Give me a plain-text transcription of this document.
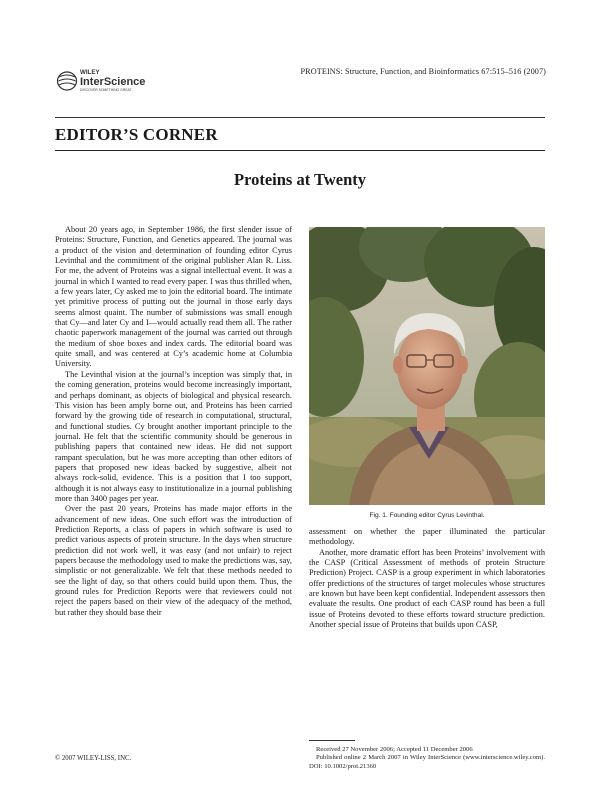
WILEY
InterScience
DISCOVER SOMETHING GREAT
PROTEINS: Structure, Function, and Bioinformatics 67:515–516 (2007)
EDITOR’S CORNER
Proteins at Twenty

About 20 years ago, in September 1986, the first slender issue of Proteins: Structure, Function, and Genetics appeared. The journal was a product of the vision and determination of founding editor Cyrus Levinthal and the commitment of the original publisher Alan R. Liss. For me, the advent of Proteins was a signal intellectual event. It was a journal in which I wanted to read every paper. I was thus thrilled when, a few years later, Cy asked me to join the editorial board. The intimate yet primitive process of putting out the journal in those early days seems almost quaint. The number of submissions was small enough that Cy—and later Cy and I—would actually read them all. The rather chaotic paperwork management of the journal was carried out through the medium of shoe boxes and index cards. The editorial board was quite small, and was centered at Cy’s academic home at Columbia University.

The Levinthal vision at the journal’s inception was simply that, in the coming generation, proteins would become increasingly important, and perhaps dominant, as objects of biological and physical research. This vision has been amply borne out, and Proteins has been carried forward by the growing tide of research in computational, structural, and functional studies. Cy brought another important principle to the journal. He felt that the scientific community should be generous in publishing papers that contained new ideas. He did not support rampant speculation, but he was more accepting than other editors of papers that proposed new ideas backed by suggestive, albeit not always rock-solid, evidence. This is a position that I too support, although it is not always easy to institutionalize in a journal publishing more than 3400 pages per year.

Over the past 20 years, Proteins has made major efforts in the advancement of new ideas. One such effort was the introduction of Prediction Reports, a class of papers in which software is used to predict various aspects of protein structure. In the days when structure prediction did not work well, it was easy (and not unfair) to reject papers because the methodology used to make the predictions was, say, simplistic or not generalizable. We felt that these methods needed to see the light of day, so that others could build upon them. Thus, the ground rules for Prediction Reports were that reviewers could not reject the papers based on their view of the adequacy of the method, but rather they should base their

Fig. 1. Founding editor Cyrus Levinthal.

assessment on whether the paper illuminated the particular methodology.

Another, more dramatic effort has been Proteins’ involvement with the CASP (Critical Assessment of methods of protein Structure Prediction) Project. CASP is a group experiment in which laboratories offer predictions of the structures of target molecules whose structures are known but have been kept confidential. Independent assessors then evaluate the results. One product of each CASP round has been a full issue of Proteins devoted to these efforts toward structure prediction. Another special issue of Proteins that builds upon CASP,

Received 27 November 2006; Accepted 11 December 2006

Published online 2 March 2007 in Wiley InterScience (www.interscience.wiley.com). DOI: 10.1002/prot.21360

© 2007 WILEY-LISS, INC.
